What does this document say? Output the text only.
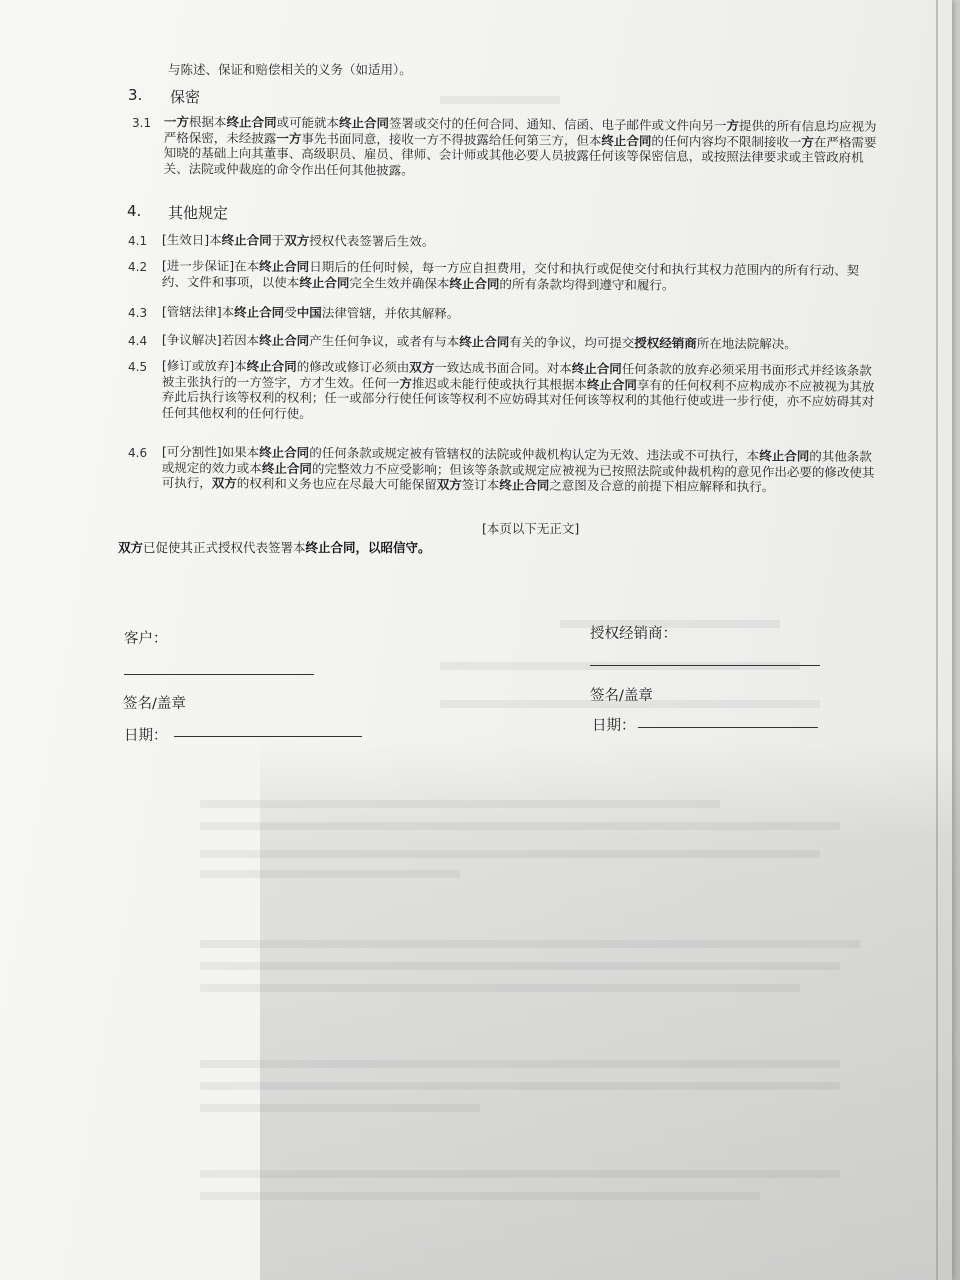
与陈述、保证和赔偿相关的义务（如适用）。
3. 保密
3.1 一方根据本终止合同或可能就本终止合同签署或交付的任何合同、通知、信函、电子邮件或文件向另一方提供的所有信息均应视为
严格保密，未经披露一方事先书面同意，接收一方不得披露给任何第三方，但本终止合同的任何内容均不限制接收一方在严格需要
知晓的基础上向其董事、高级职员、雇员、律师、会计师或其他必要人员披露任何该等保密信息，或按照法律要求或主管政府机
关、法院或仲裁庭的命令作出任何其他披露。
4. 其他规定
4.1 [生效日]本终止合同于双方授权代表签署后生效。
4.2 [进一步保证]在本终止合同日期后的任何时候，每一方应自担费用，交付和执行或促使交付和执行其权力范围内的所有行动、契
约、文件和事项，以使本终止合同完全生效并确保本终止合同的所有条款均得到遵守和履行。
4.3 [管辖法律]本终止合同受中国法律管辖，并依其解释。
4.4 [争议解决]若因本终止合同产生任何争议，或者有与本终止合同有关的争议，均可提交授权经销商所在地法院解决。
4.5 [修订或放弃]本终止合同的修改或修订必须由双方一致达成书面合同。对本终止合同任何条款的放弃必须采用书面形式并经该条款
被主张执行的一方签字，方才生效。任何一方推迟或未能行使或执行其根据本终止合同享有的任何权利不应构成亦不应被视为其放
弃此后执行该等权利的权利；任一或部分行使任何该等权利不应妨碍其对任何该等权利的其他行使或进一步行使，亦不应妨碍其对
任何其他权利的任何行使。
4.6 [可分割性]如果本终止合同的任何条款或规定被有管辖权的法院或仲裁机构认定为无效、违法或不可执行，本终止合同的其他条款
或规定的效力或本终止合同的完整效力不应受影响；但该等条款或规定应被视为已按照法院或仲裁机构的意见作出必要的修改使其
可执行，双方的权利和义务也应在尽最大可能保留双方签订本终止合同之意图及合意的前提下相应解释和执行。
[本页以下无正文]
双方已促使其正式授权代表签署本终止合同，以昭信守。
客户：
签名/盖章
日期：
授权经销商：
签名/盖章
日期：
